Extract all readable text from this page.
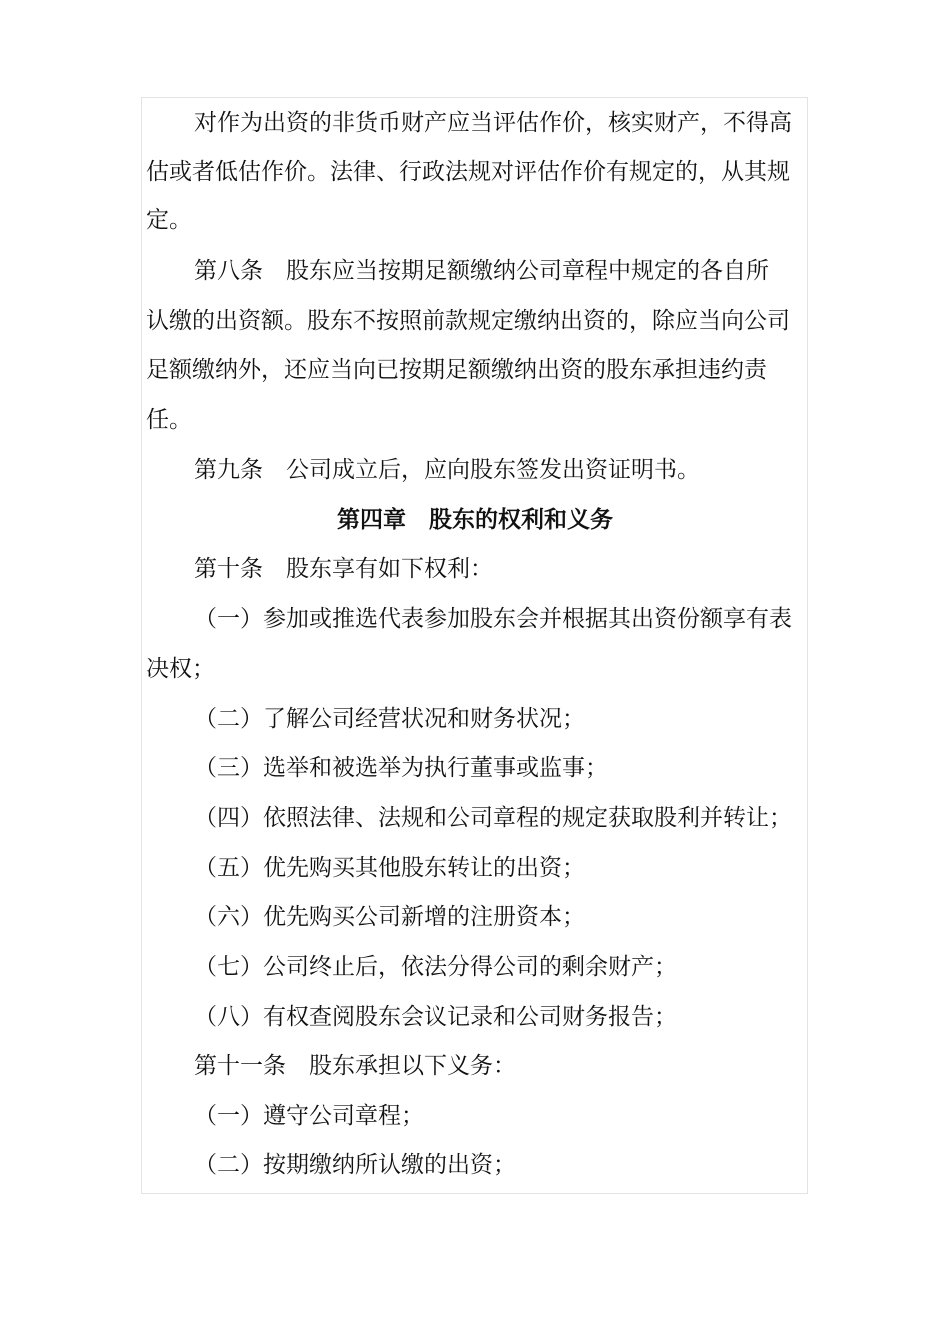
对作为出资的非货币财产应当评估作价，核实财产，不得高
估或者低估作价。法律、行政法规对评估作价有规定的，从其规
定。
第八条　股东应当按期足额缴纳公司章程中规定的各自所
认缴的出资额。股东不按照前款规定缴纳出资的，除应当向公司
足额缴纳外，还应当向已按期足额缴纳出资的股东承担违约责
任。
第九条　公司成立后，应向股东签发出资证明书。
第四章　股东的权利和义务
第十条　股东享有如下权利：
（一）参加或推选代表参加股东会并根据其出资份额享有表
决权；
（二）了解公司经营状况和财务状况；
（三）选举和被选举为执行董事或监事；
（四）依照法律、法规和公司章程的规定获取股利并转让；
（五）优先购买其他股东转让的出资；
（六）优先购买公司新增的注册资本；
（七）公司终止后，依法分得公司的剩余财产；
（八）有权查阅股东会议记录和公司财务报告；
第十一条　股东承担以下义务：
（一）遵守公司章程；
（二）按期缴纳所认缴的出资；
